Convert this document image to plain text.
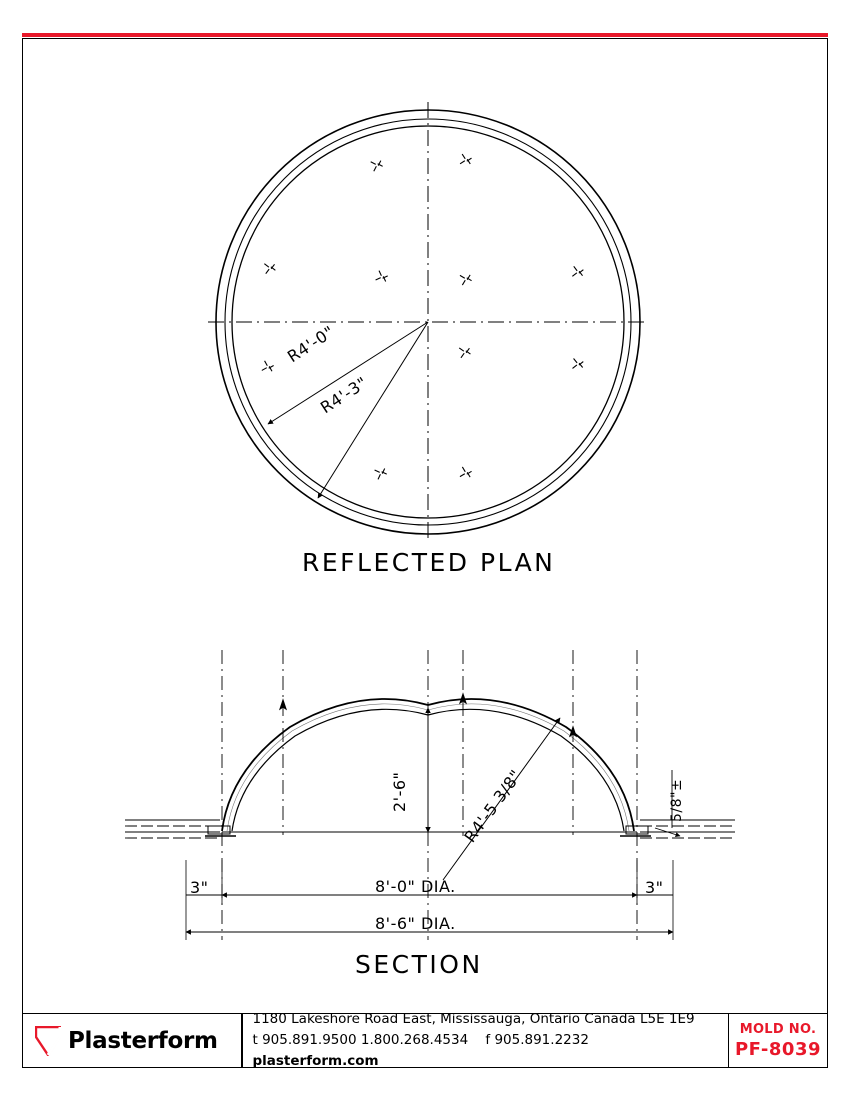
R4'-0"
R4'-3"
REFLECTED PLAN
2'-6"	R4'-5 3/8"	5/8"±
3"	3"
8'-0" DIA.
8'-6" DIA.
SECTION
Plasterform
1180 Lakeshore Road East, Mississauga, Ontario Canada L5E 1E9
t 905.891.9500 1.800.268.4534 f 905.891.2232    plasterform.com
MOLD NO.
PF-8039
